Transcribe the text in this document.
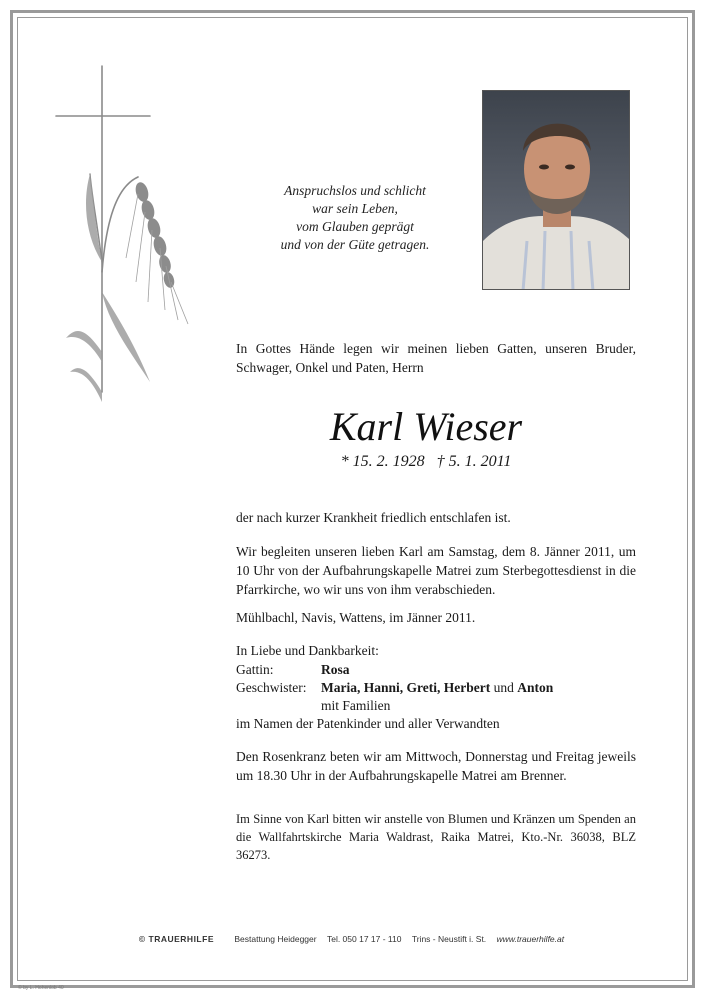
Anspruchslos und schlicht
war sein Leben,
vom Glauben geprägt
und von der Güte getragen.
In Gottes Hände legen wir meinen lieben Gatten, unseren Bruder, Schwager, Onkel und Paten, Herrn
Karl Wieser
* 15. 2. 1928   † 5. 1. 2011

der nach kurzer Krankheit friedlich entschlafen ist.

Wir begleiten unseren lieben Karl am Samstag, dem 8. Jänner 2011, um 10 Uhr von der Aufbahrungskapelle Matrei zum Sterbegottesdienst in die Pfarrkirche, wo wir uns von ihm verabschieden.

Mühlbachl, Navis, Wattens, im Jänner 2011.

In Liebe und Dankbarkeit:

Gattin:	Rosa
Geschwister: Maria, Hanni, Greti, Herbert und Anton
mit Familien

im Namen der Patenkinder und aller Verwandten

Den Rosenkranz beten wir am Mittwoch, Donnerstag und Freitag jeweils um 18.30 Uhr in der Aufbahrungskapelle Matrei am Brenner.

Im Sinne von Karl bitten wir anstelle von Blumen und Kränzen um Spenden an die Wallfahrtskirche Maria Waldrast, Raika Matrei, Kto.-Nr. 36038, BLZ 36273.

© TRAUERHILFE Bestattung Heidegger Tel. 050 17 17 - 110 Trins - Neustift i. St. www.trauerhilfe.at
© by L. Hohenlob 40
